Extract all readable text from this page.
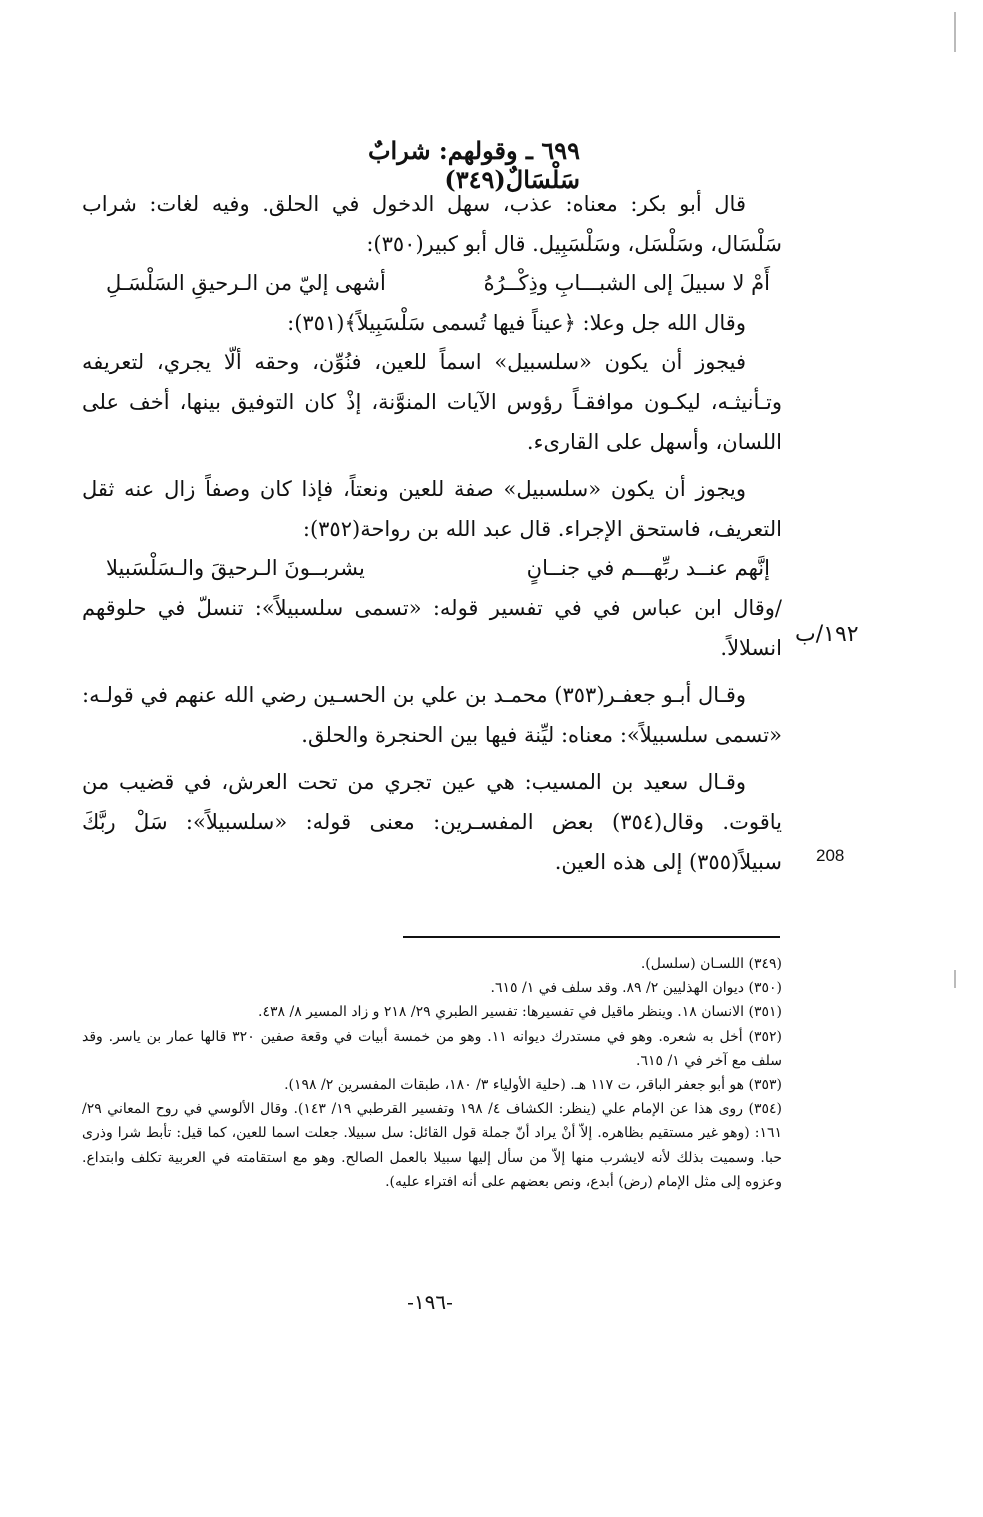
٦٩٩ ـ وقولهم: شرابٌ سَلْسَالٌ(٣٤٩)

قال أبو بكر: معناه: عذب، سهل الدخول في الحلق. وفيه لغات: شراب سَلْسَال، وسَلْسَل، وسَلْسَبِيل. قال أبو كبير(٣٥٠):

أَمْ لا سبيلَ إلى الشبـــابِ وذِكْــرُهُ
أشهى إليّ من الـرحيقِ السَلْسَـلِ

وقال الله جل وعلا: ﴿عيناً فيها تُسمى سَلْسَبِيلاً﴾(٣٥١):

فيجوز أن يكون «سلسبيل» اسماً للعين، فنُوِّن، وحقه ألّا يجري، لتعريفه وتـأنيثـه، ليكـون موافقـاً رؤوس الآيات المنوَّنة، إذْ كان التوفيق بينها، أخف على اللسان، وأسهل على القارىء.

ويجوز أن يكون «سلسبيل» صفة للعين ونعتاً، فإذا كان وصفاً زال عنه ثقل التعريف، فاستحق الإجراء. قال عبد الله بن رواحة(٣٥٢):

إنَّهم عنــد ربِّهـــم في جنــانٍ
يشربــونَ الـرحيقَ والـسَلْسَبيلا

/وقال ابن عباس في في تفسير قوله: «تسمى سلسبيلاً»: تنسلّ في حلوقهم انسلالاً.

وقـال أبـو جعفـر(٣٥٣) محمـد بن علي بن الحسـين رضي الله عنهم في قولـه: «تسمى سلسبيلاً»: معناه: ليِّنة فيها بين الحنجرة والحلق.

وقـال سعيد بن المسيب: هي عين تجري من تحت العرش، في قضيب من ياقوت. وقال(٣٥٤) بعض المفسـرين: معنى قوله: «سلسبيلاً»: سَلْ ربَّكَ سبيلاً(٣٥٥) إلى هذه العين.

١٩٢/ب
208

(٣٤٩) اللسـان (سلسل).

(٣٥٠) ديوان الهذليين ٢/ ٨٩. وقد سلف في ١/ ٦١٥.

(٣٥١) الانسان ١٨. وينظر ماقيل في تفسيرها: تفسير الطبري ٢٩/ ٢١٨ و زاد المسير ٨/ ٤٣٨.

(٣٥٢) أخل به شعره. وهو في مستدرك ديوانه ١١. وهو من خمسة أبيات في وقعة صفين ٣٢٠ قالها عمار بن ياسر. وقد سلف مع آخر في ١/ ٦١٥.

(٣٥٣) هو أبو جعفر الباقر، ت ١١٧ هـ. (حلية الأولياء ٣/ ١٨٠، طبقات المفسرين ٢/ ١٩٨).

(٣٥٤) روى هذا عن الإمام علي (ينظر: الكشاف ٤/ ١٩٨ وتفسير القرطبي ١٩/ ١٤٣). وقال الألوسي في روح المعاني ٢٩/ ١٦١: (وهو غير مستقيم بظاهره. إلاّ أنْ يراد أنّ جملة قول القائل: سل سبيلا. جعلت اسما للعين، كما قيل: تأبط شرا وذرى حبا. وسميت بذلك لأنه لايشرب منها إلاّ من سأل إليها سبيلا بالعمل الصالح. وهو مع استقامته في العربية تكلف وابتداع. وعزوه إلى مثل الإمام (رض) أبدع، ونص بعضهم على أنه افتراء عليه).

-١٩٦-
